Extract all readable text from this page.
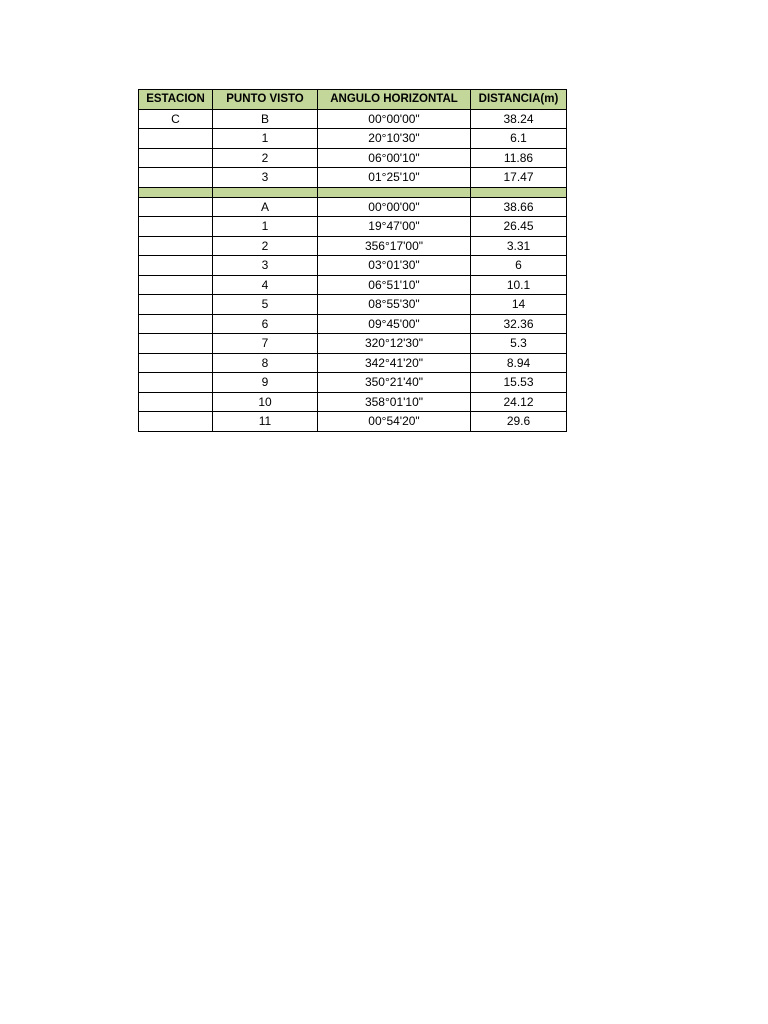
ESTACION	PUNTO VISTO	ANGULO HORIZONTAL	DISTANCIA(m)
C	B	00°00'00"	38.24
	1	20°10'30"	6.1
	2	06°00'10"	11.86
	3	01°25'10"	17.47

	A	00°00'00"	38.66
	1	19°47'00"	26.45
	2	356°17'00"	3.31
	3	03°01'30"	6
	4	06°51'10"	10.1
	5	08°55'30"	14
	6	09°45'00"	32.36
	7	320°12'30"	5.3
	8	342°41'20"	8.94
	9	350°21'40"	15.53
	10	358°01'10"	24.12
	11	00°54'20"	29.6
